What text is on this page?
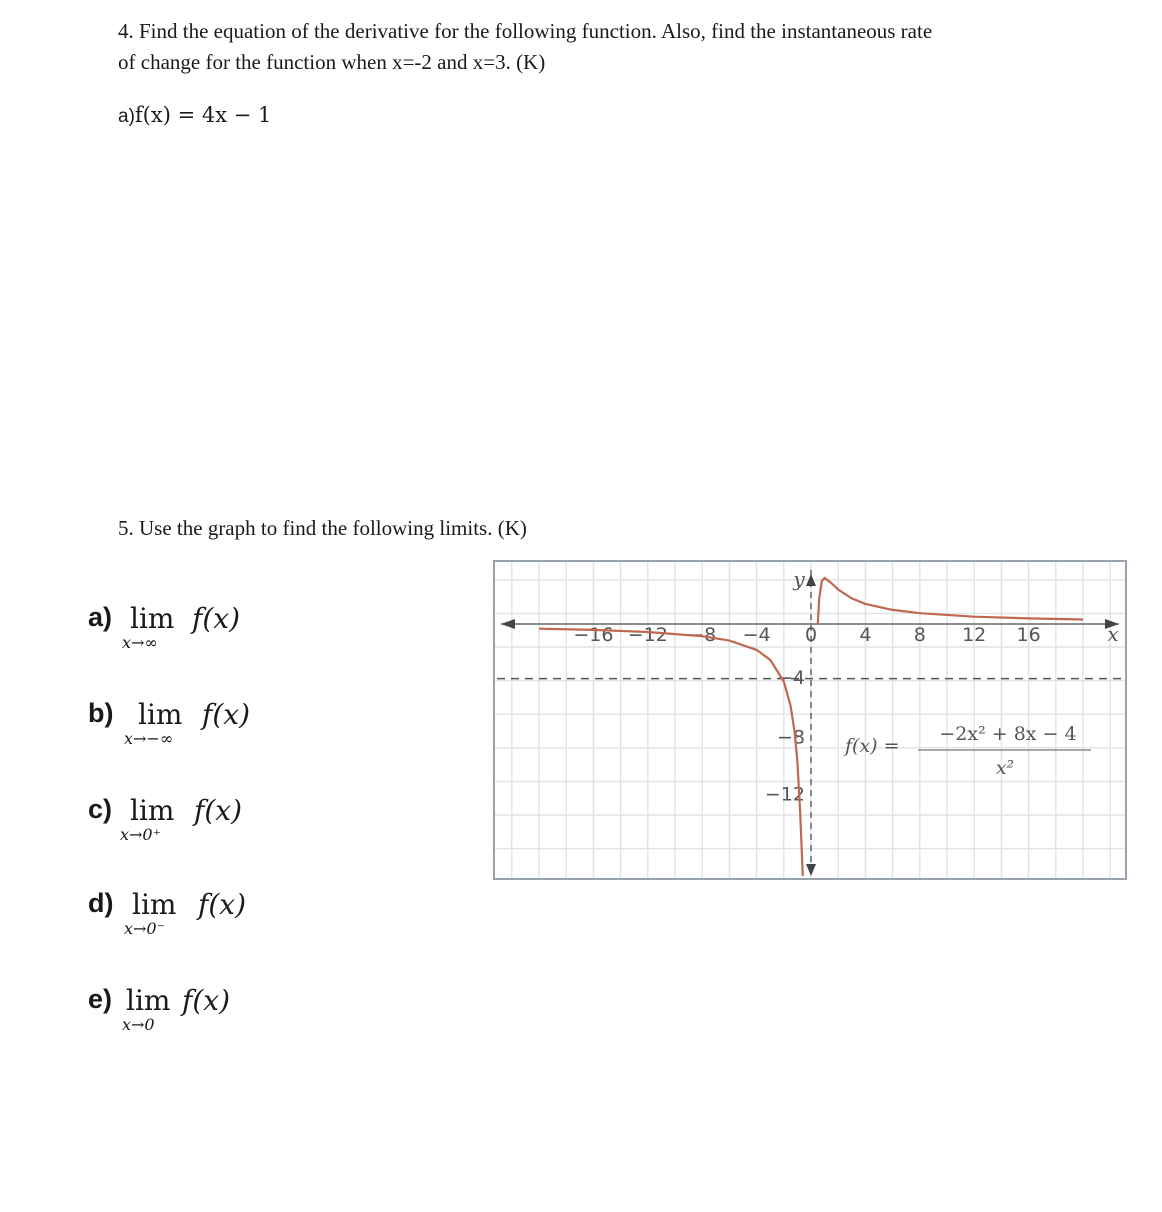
4. Find the equation of the derivative for the following function. Also, find the instantaneous rate
of change for the function when x=-2 and x=3. (K)
a)f(x) = 4x − 1
5. Use the graph to find the following limits. (K)
a) lim
x→∞
f(x)
b) lim
x→−∞
f(x)
c) lim
x→0⁺
f(x)
d) lim
x→0⁻
f(x)
e) lim
x→0
f(x)
−16 −12 −8 −4 0 4 8 12 16
−4
−8
−12
y
x
f(x) =
−2x² + 8x − 4
x²
